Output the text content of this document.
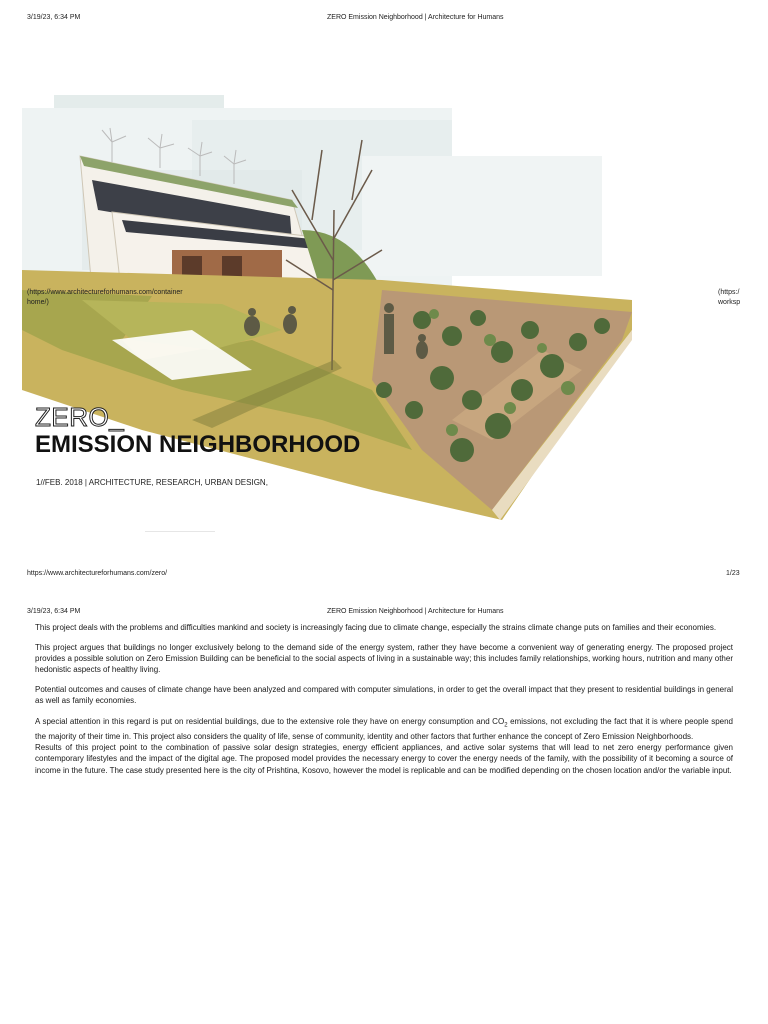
3/19/23, 6:34 PM	ZERO Emission Neighborhood | Architecture for Humans
(https://www.architectureforhumans.com/container
home/)
(https:/
worksp
ZERO_
EMISSION NEIGHBORHOOD
1//FEB. 2018 | ARCHITECTURE, RESEARCH, URBAN DESIGN,
https://www.architectureforhumans.com/zero/	1/23
3/19/23, 6:34 PM	ZERO Emission Neighborhood | Architecture for Humans

This project deals with the problems and difficulties mankind and society is increasingly facing due to climate change, especially the strains climate change puts on families and their economies.

This project argues that buildings no longer exclusively belong to the demand side of the energy system, rather they have become a convenient way of generating energy. The proposed project provides a possible solution on Zero Emission Building can be beneficial to the social aspects of living in a sustainable way; this includes family relationships, working hours, nutrition and many other hedonistic aspects of healthy living.

Potential outcomes and causes of climate change have been analyzed and compared with computer simulations, in order to get the overall impact that they present to residential buildings in general as well as family economies.

A special attention in this regard is put on residential buildings, due to the extensive role they have on energy consumption and $CO_2$ emissions, not excluding the fact that it is where people spend the majority of their time in. This project also considers the quality of life, sense of community, identity and other factors that further enhance the concept of Zero Emission Neighborhoods.

Results of this project point to the combination of passive solar design strategies, energy efficient appliances, and active solar systems that will lead to net zero energy performance given contemporary lifestyles and the impact of the digital age. The proposed model provides the necessary energy to cover the energy needs of the family, with the possibility of it becoming a source of income in the future. The case study presented here is the city of Prishtina, Kosovo, however the model is replicable and can be modified depending on the chosen location and/or the variable input.
